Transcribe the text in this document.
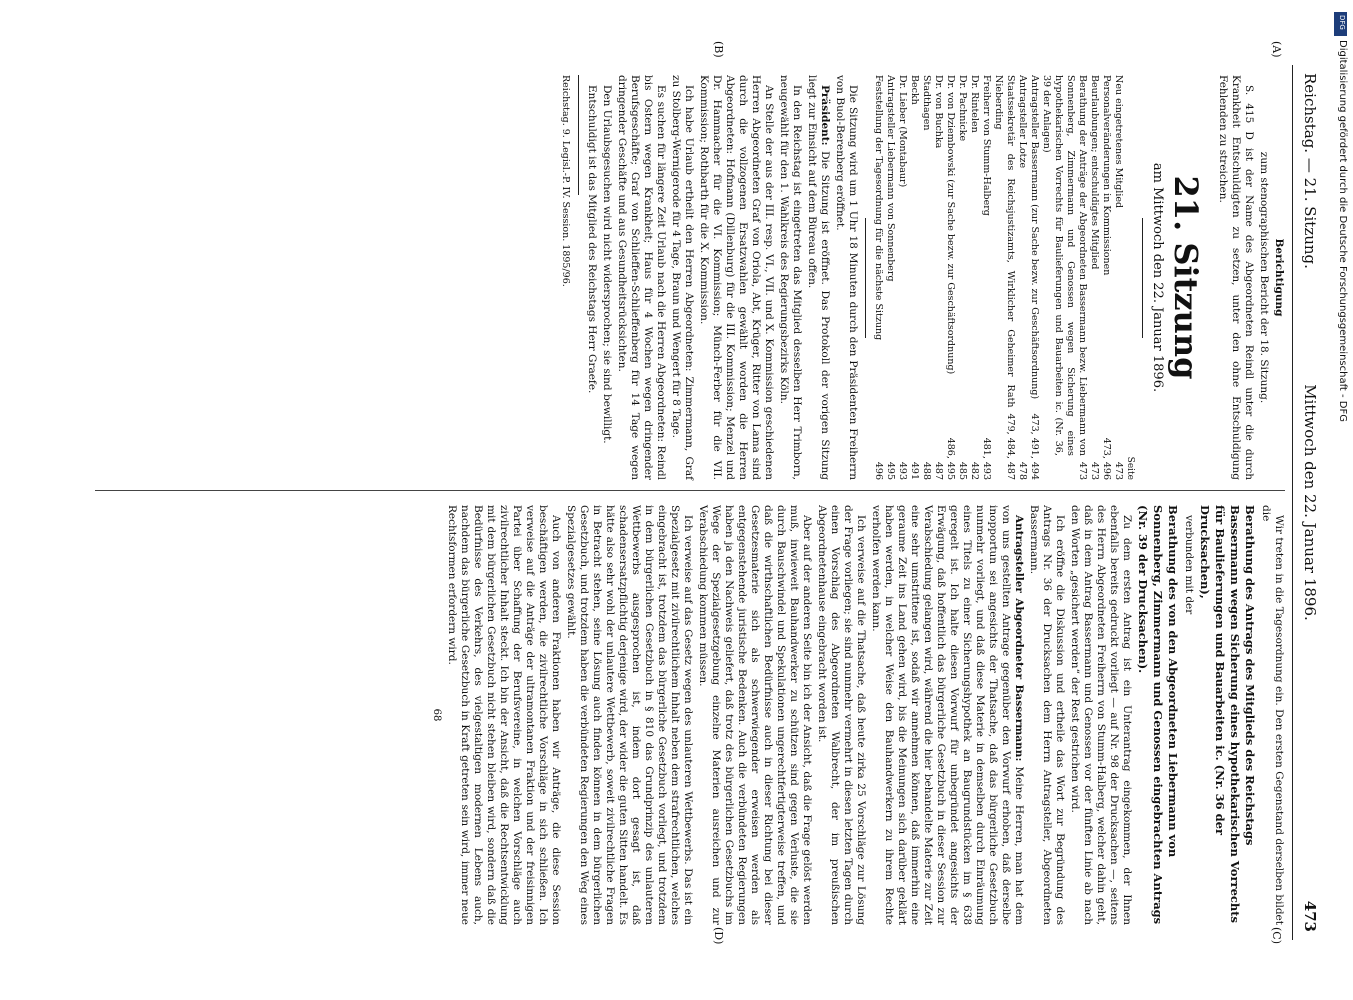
Reichstag. — 21. Sitzung.
Mittwoch den 22. Januar 1896.
473
(A)
(B)
(C)
(D)

Berichtigung

zum stenographischen Bericht der 18. Sitzung.

S. 415 D ist der Name des Abgeordneten Reindl unter die durch Krankheit Entschuldigten zu setzen, unter den ohne Entschuldigung Fehlenden zu streichen.

21. Sitzung
am Mittwoch den 22. Januar 1896.
Seite
Neu eingetretenes Mitglied
473
Personalveränderungen in Kommissionen
473, 496
Beurlaubungen; entschuldigtes Mitglied
473
Berathung der Anträge der Abgeordneten Bassermann bezw. Liebermann von Sonnenberg, Zimmermann und Genossen wegen Sicherung eines hypothekarischen Vorrechts für Baulieferungen und Bauarbeiten ic. (Nr. 36, 39 der Anlagen)
473
Antragsteller Bassermann (zur Sache bezw. zur Geschäftsordnung)
473, 491, 494
Antragsteller Lotze
478
Staatssekretär des Reichsjustizamts, Wirklicher Geheimer Rath Nieberding
479, 484, 487
Freiherr von Stumm-Halberg
481, 493
Dr. Rintelen
482
Dr. Pachnicke
485
Dr. von Dziembowski (zur Sache bezw. zur Geschäftsordnung)
486, 495
Dr. von Buchka
487
Stadthagen
488
Beckh
491
Dr. Lieber (Montabaur)
493
Antragsteller Liebermann von Sonnenberg
495
Feststellung der Tagesordnung für die nächste Sitzung
496

Die Sitzung wird um 1 Uhr 18 Minuten durch den Präsidenten Freiherrn von Buol-Berenberg eröffnet.

Präsident: Die Sitzung ist eröffnet. Das Protokoll der vorigen Sitzung liegt zur Einsicht auf dem Büreau offen.

In den Reichstag ist eingetreten das Mitglied desselben Herr Trimborn, neugewählt für den 1. Wahlkreis des Regierungsbezirks Köln.

An Stelle der aus der III. resp. VI., VII. und X. Kommission geschiedenen Herren Abgeordneten Graf von Oriola, Abt, Krüger, Ritter von Lama sind durch die vollzogenen Ersatzwahlen gewählt worden die Herren Abgeordneten: Hofmann (Dillenburg) für die III. Kommission; Menzel und Dr. Hammacher für die VI. Kommission; Münch-Ferber für die VII. Kommission; Rothbarth für die X. Kommission.

Ich habe Urlaub ertheilt den Herren Abgeordneten: Zimmermann, Graf zu Stolberg-Wernigerode für 4 Tage, Braun und Wengert für 8 Tage.

Es suchen für längere Zeit Urlaub nach die Herren Abgeordneten: Reindl bis Ostern wegen Krankheit; Haus für 4 Wochen wegen dringender Berufsgeschäfte; Graf von Schlieffen-Schlieffenberg für 14 Tage wegen dringender Geschäfte und aus Gesundheitsrücksichten.

Den Urlaubsgesuchen wird nicht widersprochen; sie sind bewilligt.

Entschuldigt ist das Mitglied des Reichstags Herr Graefe.

Reichstag. 9. Legisl.-P. IV. Session. 1895/96.

Wir treten in die Tagesordnung ein. Den ersten Gegenstand derselben bildet die

Berathung des Antrags des Mitglieds des Reichstags Bassermann wegen Sicherung eines hypothekarischen Vorrechts für Baulieferungen und Bauarbeiten ic. (Nr. 36 der Drucksachen),

verbunden mit der

Berathung des von den Abgeordneten Liebermann von Sonnenberg, Zimmermann und Genossen eingebrachten Antrags (Nr. 39 der Drucksachen).

Zu dem ersten Antrag ist ein Unterantrag eingekommen, der Ihnen ebenfalls bereits gedruckt vorliegt — auf Nr. 98 der Drucksachen —, seitens des Herrn Abgeordneten Freiherrn von Stumm-Halberg, welcher dahin geht, daß in dem Antrag Bassermann und Genossen vor der fünften Linie ab nach den Worten „gesichert werden“ der Rest gestrichen wird.

Ich eröffne die Diskussion und ertheile das Wort zur Begründung des Antrags Nr. 36 der Drucksachen dem Herrn Antragsteller, Abgeordneten Bassermann.

Antragsteller Abgeordneter Bassermann: Meine Herren, man hat dem von uns gestellten Antrage gegenüber den Vorwurf erhoben, daß derselbe inopportun sei angesichts der Thatsache, daß das bürgerliche Gesetzbuch nunmehr vorliegt, und daß diese Materie in demselben durch Einräumung eines Titels zu einer Sicherungshypothek an Baugrundstücken im § 638 geregelt ist. Ich halte diesen Vorwurf für unbegründet angesichts der Erwägung, daß hoffentlich das bürgerliche Gesetzbuch in dieser Session zur Verabschiedung gelangen wird, während die hier behandelte Materie zur Zeit eine sehr umstrittene ist, sodaß wir annehmen können, daß immerhin eine geraume Zeit ins Land gehen wird, bis die Meinungen sich darüber geklärt haben werden, in welcher Weise den Bauhandwerkern zu ihrem Rechte verholfen werden kann.

Ich verweise auf die Thatsache, daß heute zirka 25 Vorschläge zur Lösung der Frage vorliegen; sie sind nunmehr vermehrt in diesen letzten Tagen durch einen Vorschlag des Abgeordneten Walbrecht, der im preußischen Abgeordnetenhause eingebracht worden ist.

Aber auf der anderen Seite bin ich der Ansicht, daß die Frage gelöst werden muß, inwieweit Bauhandwerker zu schützen sind gegen Verluste, die sie durch Bauschwindel und Spekulationen ungerechtfertigterweise treffen, und daß die wirthschaftlichen Bedürfnisse auch in dieser Richtung bei dieser Gesetzesmaterie sich als schwerwiegender erweisen werden als entgegenstehende juristische Bedenken. Auch die verbündeten Regierungen haben ja den Nachweis geliefert, daß trotz des bürgerlichen Gesetzbuchs im Wege der Spezialgesetzgebung einzelne Materien ausreichen und zur Verabschiedung kommen müssen.

Ich verweise auf das Gesetz wegen des unlauteren Wettbewerbs. Das ist ein Spezialgesetz mit zivilrechtlichem Inhalt neben dem strafrechtlichen, welches eingebracht ist, trotzdem das bürgerliche Gesetzbuch vorliegt, und trotzdem in dem bürgerlichen Gesetzbuch in § 810 das Grundprinzip des unlauteren Wettbewerbs ausgesprochen ist, indem dort gesagt ist, daß schadensersatzpflichtig derjenige wird, der wider die guten Sitten handelt. Es hätte also sehr wohl der unlautere Wettbewerb, soweit zivilrechtliche Fragen in Betracht stehen, seine Lösung auch finden können in dem bürgerlichen Gesetzbuch, und trotzdem haben die verbündeten Regierungen den Weg eines Spezialgesetzes gewählt.

Auch von anderen Fraktionen haben wir Anträge, die diese Session beschäftigen werden, die zivilrechtliche Vorschläge in sich schließen. Ich verweise auf die Anträge der ultramontanen Fraktion und der freisinnigen Partei über Schaffung der Berufsvereine, in welchen Vorschläge auch zivilrechtlicher Inhalt steckt. Ich bin der Ansicht, daß die Rechtsentwicklung mit dem bürgerlichen Gesetzbuch nicht stehen bleiben wird, sondern daß die Bedürfnisse des Verkehrs, des vielgestaltigen modernen Lebens auch, nachdem das bürgerliche Gesetzbuch in Kraft getreten sein wird, immer neue Rechtsformen erfordern wird.

68
DFG
Digitalisierung gefördert durch die Deutsche Forschungsgemeinschaft - DFG
